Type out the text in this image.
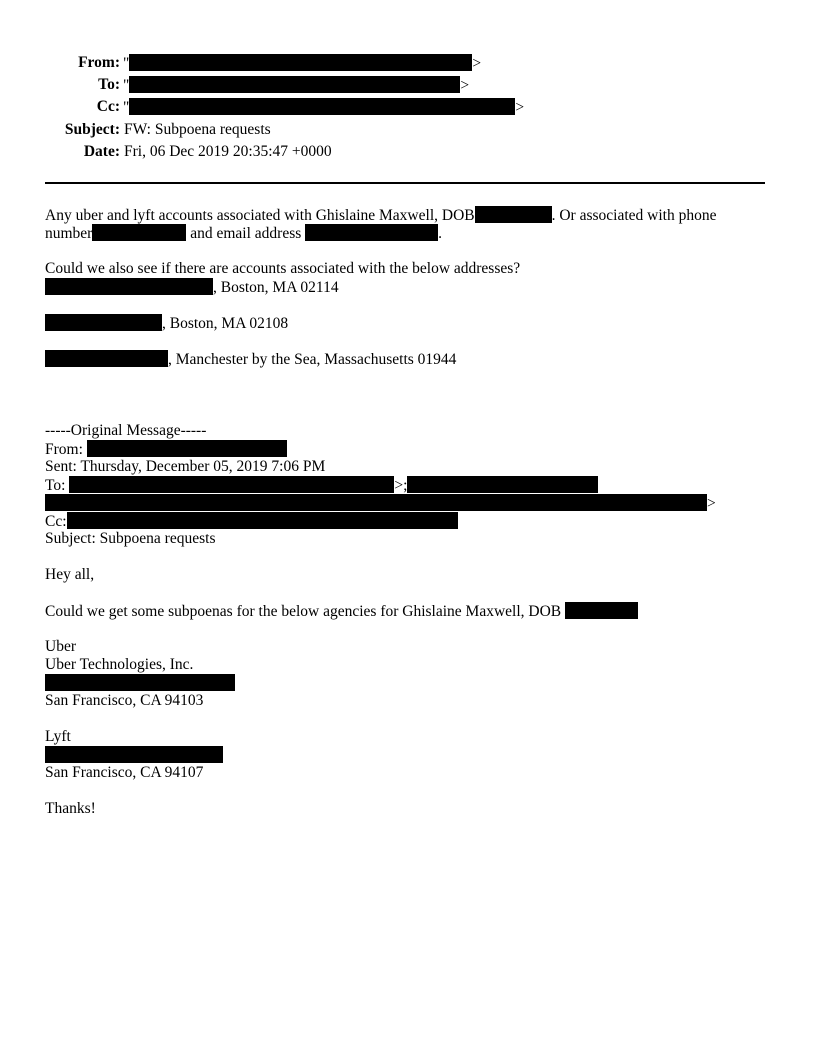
From: "	>
To: "	>
Cc: "	>
Subject: FW: Subpoena requests
Date: Fri, 06 Dec 2019 20:35:47 +0000
Any uber and lyft accounts associated with Ghislaine Maxwell, DOB	. Or associated with phone
number	and email address	.
Could we also see if there are accounts associated with the below addresses?
, Boston, MA 02114
, Boston, MA 02108
, Manchester by the Sea, Massachusetts 01944
-----Original Message-----
From:
Sent: Thursday, December 05, 2019 7:06 PM
To:	>;
>
Cc:
Subject: Subpoena requests
Hey all,
Could we get some subpoenas for the below agencies for Ghislaine Maxwell, DOB
Uber
Uber Technologies, Inc.
San Francisco, CA 94103
Lyft
San Francisco, CA 94107
Thanks!
